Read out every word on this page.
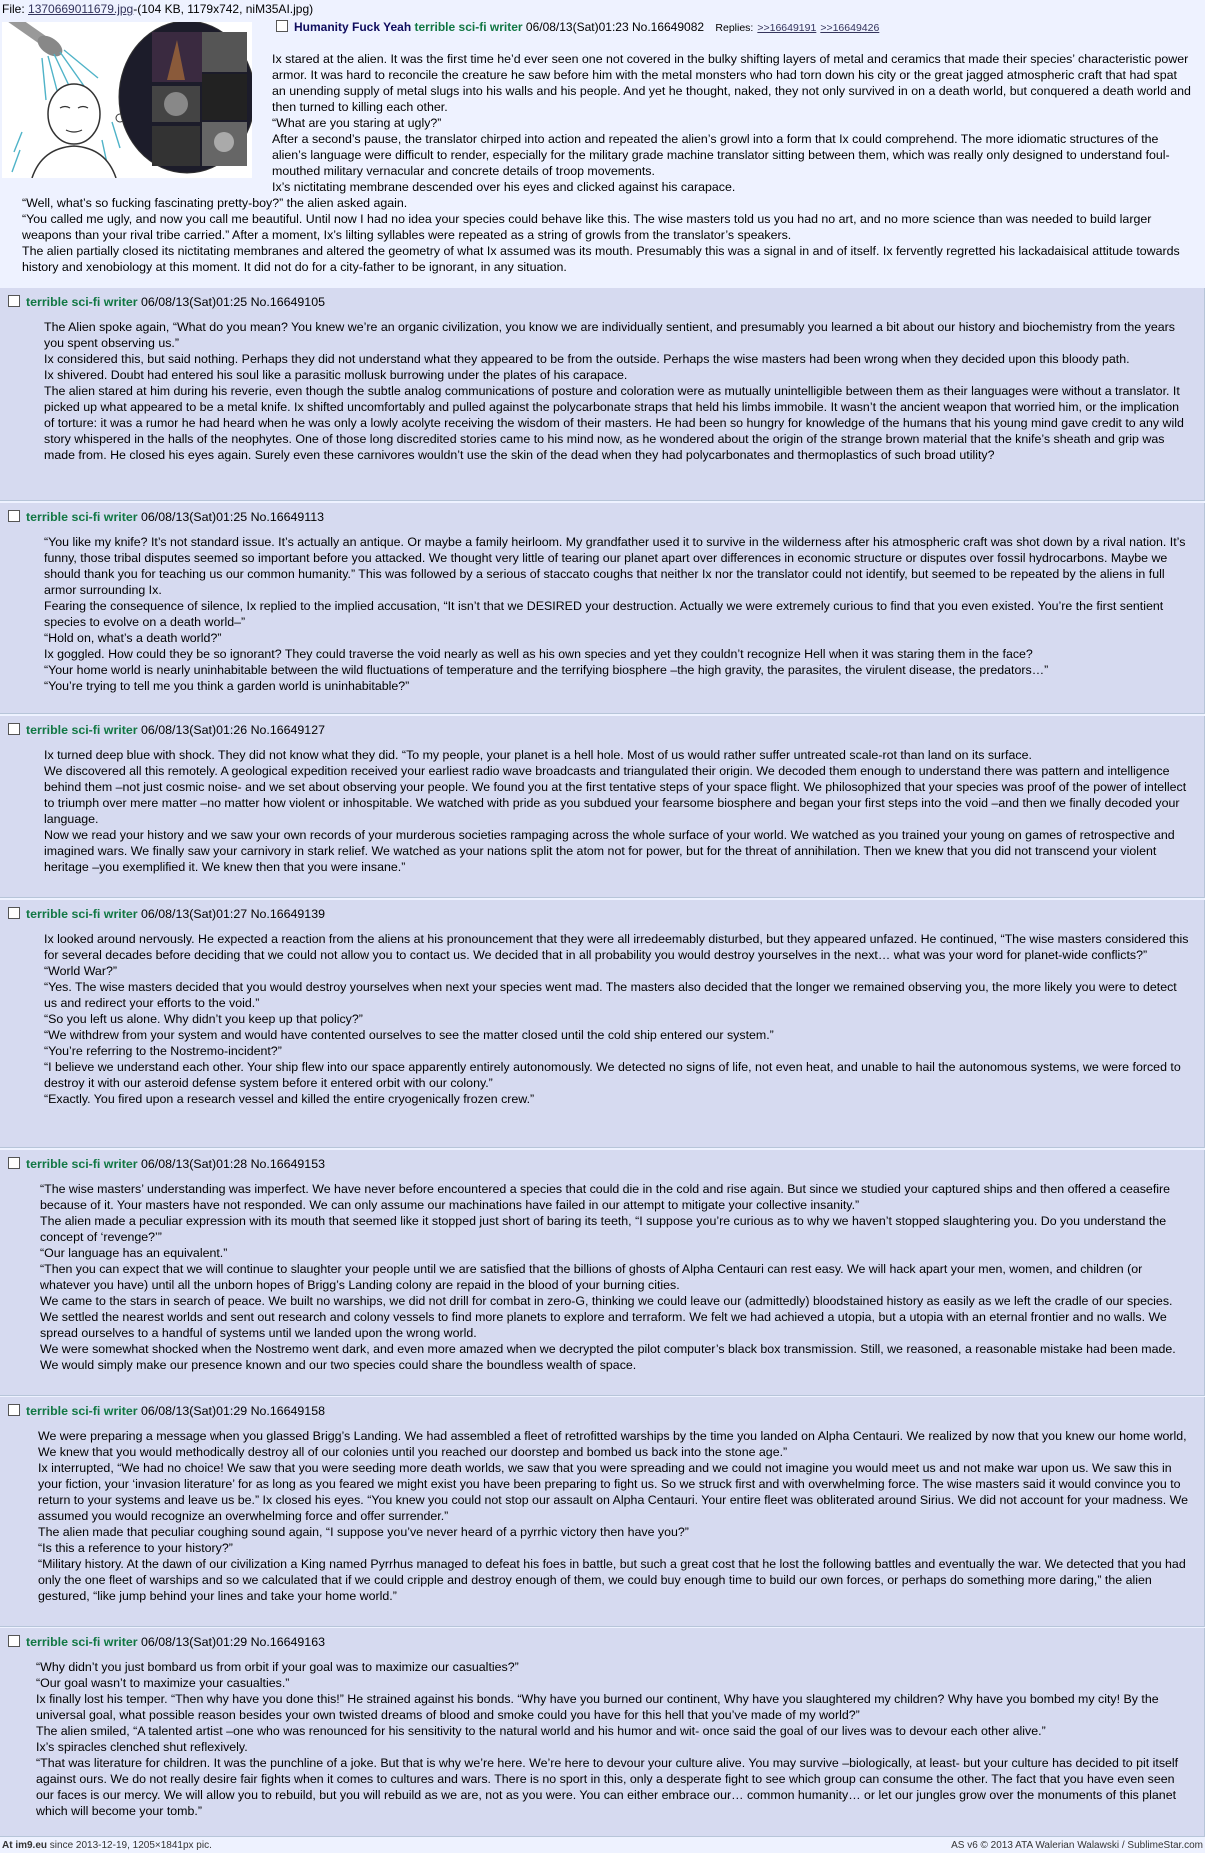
File: 1370669011679.jpg-(104 KB, 1179x742, niM35AI.jpg)
Humanity Fuck Yeah terrible sci-fi writer 06/08/13(Sat)01:23 No.16649082 Replies: >>16649191 >>16649426

Ix stared at the alien. It was the first time he’d ever seen one not covered in the bulky shifting layers of metal and ceramics that made their species’ characteristic power armor. It was hard to reconcile the creature he saw before him with the metal monsters who had torn down his city or the great jagged atmospheric craft that had spat an unending supply of metal slugs into his walls and his people. And yet he thought, naked, they not only survived in on a death world, but conquered a death world and then turned to killing each other.

“What are you staring at ugly?”

After a second’s pause, the translator chirped into action and repeated the alien’s growl into a form that Ix could comprehend. The more idiomatic structures of the alien’s language were difficult to render, especially for the military grade machine translator sitting between them, which was really only designed to understand foul-mouthed military vernacular and concrete details of troop movements.

Ix’s nictitating membrane descended over his eyes and clicked against his carapace.

“Well, what’s so fucking fascinating pretty-boy?” the alien asked again.

“You called me ugly, and now you call me beautiful. Until now I had no idea your species could behave like this. The wise masters told us you had no art, and no more science than was needed to build larger weapons than your rival tribe carried.” After a moment, Ix’s lilting syllables were repeated as a string of growls from the translator’s speakers.

The alien partially closed its nictitating membranes and altered the geometry of what Ix assumed was its mouth. Presumably this was a signal in and of itself. Ix fervently regretted his lackadaisical attitude towards history and xenobiology at this moment. It did not do for a city-father to be ignorant, in any situation.

terrible sci-fi writer 06/08/13(Sat)01:25 No.16649105

The Alien spoke again, “What do you mean? You knew we’re an organic civilization, you know we are individually sentient, and presumably you learned a bit about our history and biochemistry from the years you spent observing us.”

Ix considered this, but said nothing. Perhaps they did not understand what they appeared to be from the outside. Perhaps the wise masters had been wrong when they decided upon this bloody path.

Ix shivered. Doubt had entered his soul like a parasitic mollusk burrowing under the plates of his carapace.

The alien stared at him during his reverie, even though the subtle analog communications of posture and coloration were as mutually unintelligible between them as their languages were without a translator. It picked up what appeared to be a metal knife. Ix shifted uncomfortably and pulled against the polycarbonate straps that held his limbs immobile. It wasn’t the ancient weapon that worried him, or the implication of torture: it was a rumor he had heard when he was only a lowly acolyte receiving the wisdom of their masters. He had been so hungry for knowledge of the humans that his young mind gave credit to any wild story whispered in the halls of the neophytes. One of those long discredited stories came to his mind now, as he wondered about the origin of the strange brown material that the knife’s sheath and grip was made from. He closed his eyes again. Surely even these carnivores wouldn’t use the skin of the dead when they had polycarbonates and thermoplastics of such broad utility?

terrible sci-fi writer 06/08/13(Sat)01:25 No.16649113

“You like my knife? It’s not standard issue. It’s actually an antique. Or maybe a family heirloom. My grandfather used it to survive in the wilderness after his atmospheric craft was shot down by a rival nation. It’s funny, those tribal disputes seemed so important before you attacked. We thought very little of tearing our planet apart over differences in economic structure or disputes over fossil hydrocarbons. Maybe we should thank you for teaching us our common humanity.” This was followed by a serious of staccato coughs that neither Ix nor the translator could not identify, but seemed to be repeated by the aliens in full armor surrounding Ix.

Fearing the consequence of silence, Ix replied to the implied accusation, “It isn’t that we DESIRED your destruction. Actually we were extremely curious to find that you even existed. You’re the first sentient species to evolve on a death world–”

“Hold on, what’s a death world?”

Ix goggled. How could they be so ignorant? They could traverse the void nearly as well as his own species and yet they couldn’t recognize Hell when it was staring them in the face?

“Your home world is nearly uninhabitable between the wild fluctuations of temperature and the terrifying biosphere –the high gravity, the parasites, the virulent disease, the predators…”

“You’re trying to tell me you think a garden world is uninhabitable?”

terrible sci-fi writer 06/08/13(Sat)01:26 No.16649127

Ix turned deep blue with shock. They did not know what they did. “To my people, your planet is a hell hole. Most of us would rather suffer untreated scale-rot than land on its surface.

We discovered all this remotely. A geological expedition received your earliest radio wave broadcasts and triangulated their origin. We decoded them enough to understand there was pattern and intelligence behind them –not just cosmic noise- and we set about observing your people. We found you at the first tentative steps of your space flight. We philosophized that your species was proof of the power of intellect to triumph over mere matter –no matter how violent or inhospitable. We watched with pride as you subdued your fearsome biosphere and began your first steps into the void –and then we finally decoded your language.

Now we read your history and we saw your own records of your murderous societies rampaging across the whole surface of your world. We watched as you trained your young on games of retrospective and imagined wars. We finally saw your carnivory in stark relief. We watched as your nations split the atom not for power, but for the threat of annihilation. Then we knew that you did not transcend your violent heritage –you exemplified it. We knew then that you were insane.”

terrible sci-fi writer 06/08/13(Sat)01:27 No.16649139

Ix looked around nervously. He expected a reaction from the aliens at his pronouncement that they were all irredeemably disturbed, but they appeared unfazed. He continued, “The wise masters considered this for several decades before deciding that we could not allow you to contact us. We decided that in all probability you would destroy yourselves in the next… what was your word for planet-wide conflicts?”

“World War?”

“Yes. The wise masters decided that you would destroy yourselves when next your species went mad. The masters also decided that the longer we remained observing you, the more likely you were to detect us and redirect your efforts to the void.”

“So you left us alone. Why didn’t you keep up that policy?”

“We withdrew from your system and would have contented ourselves to see the matter closed until the cold ship entered our system.”

“You’re referring to the Nostremo-incident?”

“I believe we understand each other. Your ship flew into our space apparently entirely autonomously. We detected no signs of life, not even heat, and unable to hail the autonomous systems, we were forced to destroy it with our asteroid defense system before it entered orbit with our colony.”

“Exactly. You fired upon a research vessel and killed the entire cryogenically frozen crew.”

terrible sci-fi writer 06/08/13(Sat)01:28 No.16649153

“The wise masters’ understanding was imperfect. We have never before encountered a species that could die in the cold and rise again. But since we studied your captured ships and then offered a ceasefire because of it. Your masters have not responded. We can only assume our machinations have failed in our attempt to mitigate your collective insanity.”

The alien made a peculiar expression with its mouth that seemed like it stopped just short of baring its teeth, “I suppose you’re curious as to why we haven’t stopped slaughtering you. Do you understand the concept of ‘revenge?’”

“Our language has an equivalent.”

“Then you can expect that we will continue to slaughter your people until we are satisfied that the billions of ghosts of Alpha Centauri can rest easy. We will hack apart your men, women, and children (or whatever you have) until all the unborn hopes of Brigg’s Landing colony are repaid in the blood of your burning cities.

We came to the stars in search of peace. We built no warships, we did not drill for combat in zero-G, thinking we could leave our (admittedly) bloodstained history as easily as we left the cradle of our species. We settled the nearest worlds and sent out research and colony vessels to find more planets to explore and terraform. We felt we had achieved a utopia, but a utopia with an eternal frontier and no walls. We spread ourselves to a handful of systems until we landed upon the wrong world.

We were somewhat shocked when the Nostremo went dark, and even more amazed when we decrypted the pilot computer’s black box transmission. Still, we reasoned, a reasonable mistake had been made. We would simply make our presence known and our two species could share the boundless wealth of space.

terrible sci-fi writer 06/08/13(Sat)01:29 No.16649158

We were preparing a message when you glassed Brigg’s Landing. We had assembled a fleet of retrofitted warships by the time you landed on Alpha Centauri. We realized by now that you knew our home world, We knew that you would methodically destroy all of our colonies until you reached our doorstep and bombed us back into the stone age.”

Ix interrupted, “We had no choice! We saw that you were seeding more death worlds, we saw that you were spreading and we could not imagine you would meet us and not make war upon us. We saw this in your fiction, your ‘invasion literature’ for as long as you feared we might exist you have been preparing to fight us. So we struck first and with overwhelming force. The wise masters said it would convince you to return to your systems and leave us be.” Ix closed his eyes. “You knew you could not stop our assault on Alpha Centauri. Your entire fleet was obliterated around Sirius. We did not account for your madness. We assumed you would recognize an overwhelming force and offer surrender.”

The alien made that peculiar coughing sound again, “I suppose you’ve never heard of a pyrrhic victory then have you?”

“Is this a reference to your history?”

“Military history. At the dawn of our civilization a King named Pyrrhus managed to defeat his foes in battle, but such a great cost that he lost the following battles and eventually the war. We detected that you had only the one fleet of warships and so we calculated that if we could cripple and destroy enough of them, we could buy enough time to build our own forces, or perhaps do something more daring,” the alien gestured, “like jump behind your lines and take your home world.”

terrible sci-fi writer 06/08/13(Sat)01:29 No.16649163

“Why didn’t you just bombard us from orbit if your goal was to maximize our casualties?”

“Our goal wasn’t to maximize your casualties.”

Ix finally lost his temper. “Then why have you done this!” He strained against his bonds. “Why have you burned our continent, Why have you slaughtered my children? Why have you bombed my city! By the universal goal, what possible reason besides your own twisted dreams of blood and smoke could you have for this hell that you’ve made of my world?”

The alien smiled, “A talented artist –one who was renounced for his sensitivity to the natural world and his humor and wit- once said the goal of our lives was to devour each other alive.”

Ix’s spiracles clenched shut reflexively.

“That was literature for children. It was the punchline of a joke. But that is why we’re here. We’re here to devour your culture alive. You may survive –biologically, at least- but your culture has decided to pit itself against ours. We do not really desire fair fights when it comes to cultures and wars. There is no sport in this, only a desperate fight to see which group can consume the other. The fact that you have even seen our faces is our mercy. We will allow you to rebuild, but you will rebuild as we are, not as you were. You can either embrace our… common humanity… or let our jungles grow over the monuments of this planet which will become your tomb.”

At im9.eu since 2013-12-19, 1205×1841px pic.	AS v6 © 2013 ATA Walerian Walawski / SublimeStar.com
